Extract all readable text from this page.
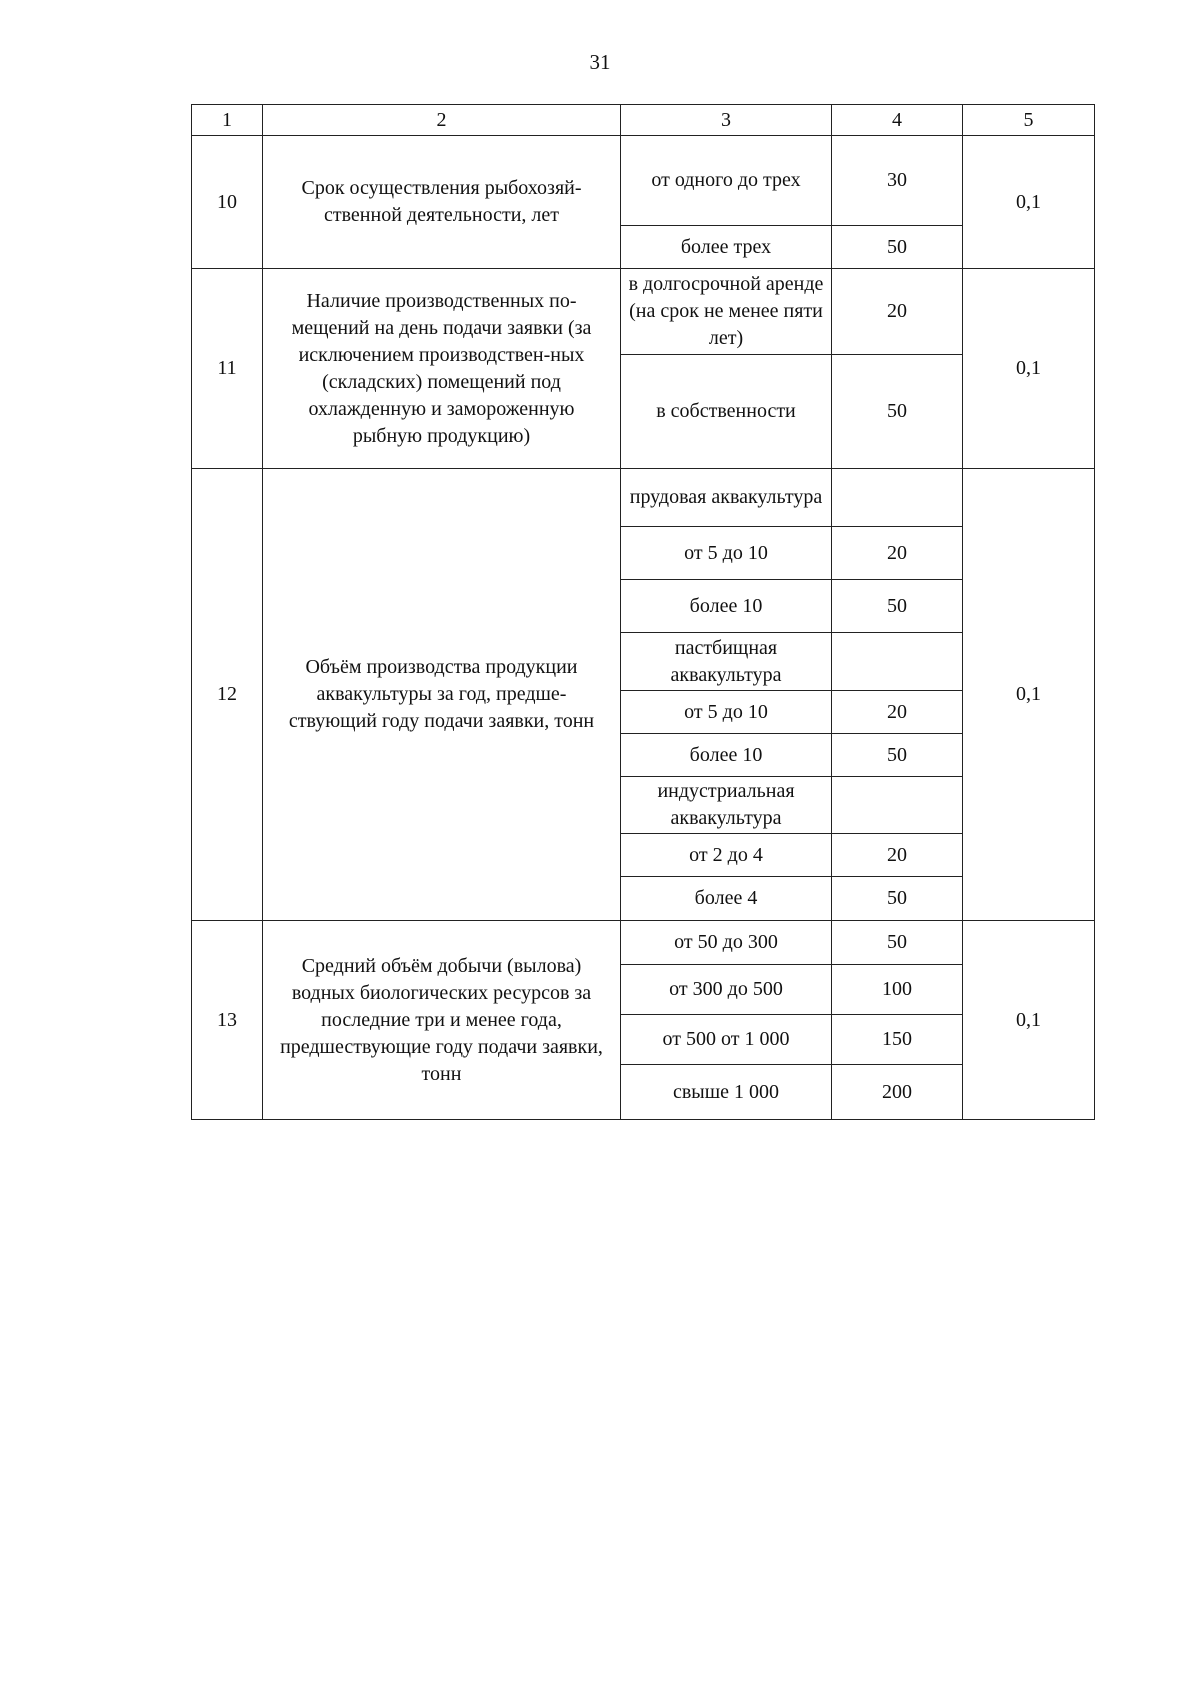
31
1	2	3	4	5
10	Срок осуществления рыбохозяй-ственной деятельности, лет	от одного до трех	30	0,1
		более трех	50	
11	Наличие производственных по-мещений на день подачи заявки (за исключением производствен-ных (складских) помещений под охлажденную и замороженную рыбную продукцию)	в долгосрочной аренде (на срок не менее пяти лет)	20	0,1
		в собственности	50	
12	Объём производства продукции аквакультуры за год, предше-ствующий году подачи заявки, тонн	прудовая аквакультура		0,1
		от 5 до 10	20	
		более 10	50	
		пастбищная аквакультура		
		от 5 до 10	20	
		более 10	50	
		индустриальная аквакультура		
		от 2 до 4	20	
		более 4	50	
13	Средний объём добычи (вылова) водных биологических ресурсов за последние три и менее года, предшествующие году подачи заявки, тонн	от 50 до 300	50	0,1
		от 300 до 500	100	
		от 500 от 1 000	150	
		свыше 1 000	200	
